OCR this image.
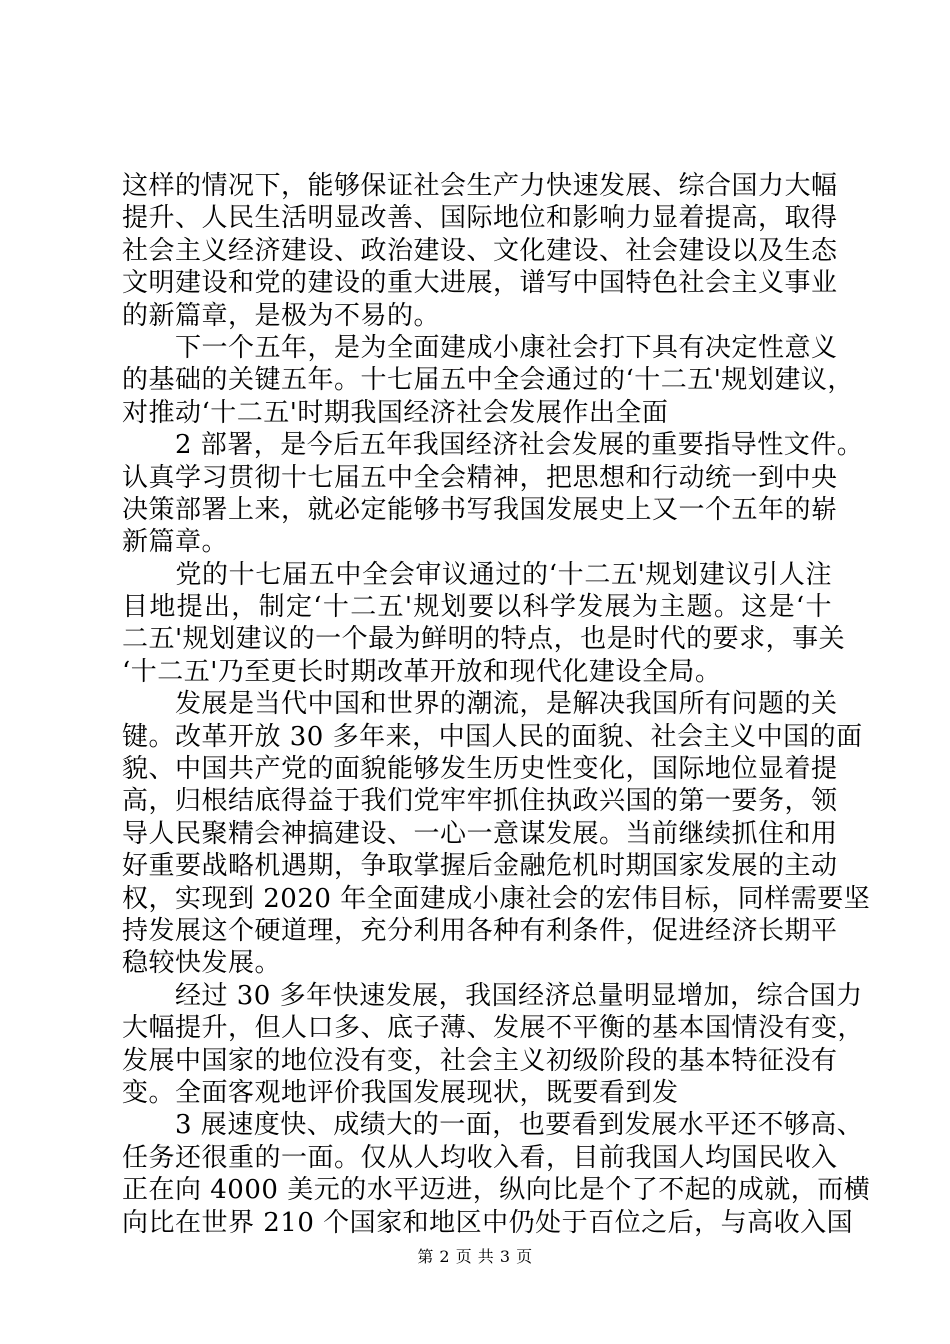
这样的情况下，能够保证社会生产力快速发展、综合国力大幅
提升、人民生活明显改善、国际地位和影响力显着提高，取得
社会主义经济建设、政治建设、文化建设、社会建设以及生态
文明建设和党的建设的重大进展，谱写中国特色社会主义事业
的新篇章，是极为不易的。
　　下一个五年，是为全面建成小康社会打下具有决定性意义
的基础的关键五年。十七届五中全会通过的‘十二五'规划建议，
对推动‘十二五'时期我国经济社会发展作出全面
　　2 部署，是今后五年我国经济社会发展的重要指导性文件。
认真学习贯彻十七届五中全会精神，把思想和行动统一到中央
决策部署上来，就必定能够书写我国发展史上又一个五年的崭
新篇章。
　　党的十七届五中全会审议通过的‘十二五'规划建议引人注
目地提出，制定‘十二五'规划要以科学发展为主题。这是‘十
二五'规划建议的一个最为鲜明的特点，也是时代的要求，事关
‘十二五'乃至更长时期改革开放和现代化建设全局。
　　发展是当代中国和世界的潮流，是解决我国所有问题的关
键。改革开放 30 多年来，中国人民的面貌、社会主义中国的面
貌、中国共产党的面貌能够发生历史性变化，国际地位显着提
高，归根结底得益于我们党牢牢抓住执政兴国的第一要务，领
导人民聚精会神搞建设、一心一意谋发展。当前继续抓住和用
好重要战略机遇期，争取掌握后金融危机时期国家发展的主动
权，实现到 2020 年全面建成小康社会的宏伟目标，同样需要坚
持发展这个硬道理，充分利用各种有利条件，促进经济长期平
稳较快发展。
　　经过 30 多年快速发展，我国经济总量明显增加，综合国力
大幅提升，但人口多、底子薄、发展不平衡的基本国情没有变，
发展中国家的地位没有变，社会主义初级阶段的基本特征没有
变。全面客观地评价我国发展现状，既要看到发
　　3 展速度快、成绩大的一面，也要看到发展水平还不够高、
任务还很重的一面。仅从人均收入看，目前我国人均国民收入
正在向 4000 美元的水平迈进，纵向比是个了不起的成就，而横
向比在世界 210 个国家和地区中仍处于百位之后，与高收入国
第 2 页 共 3 页
